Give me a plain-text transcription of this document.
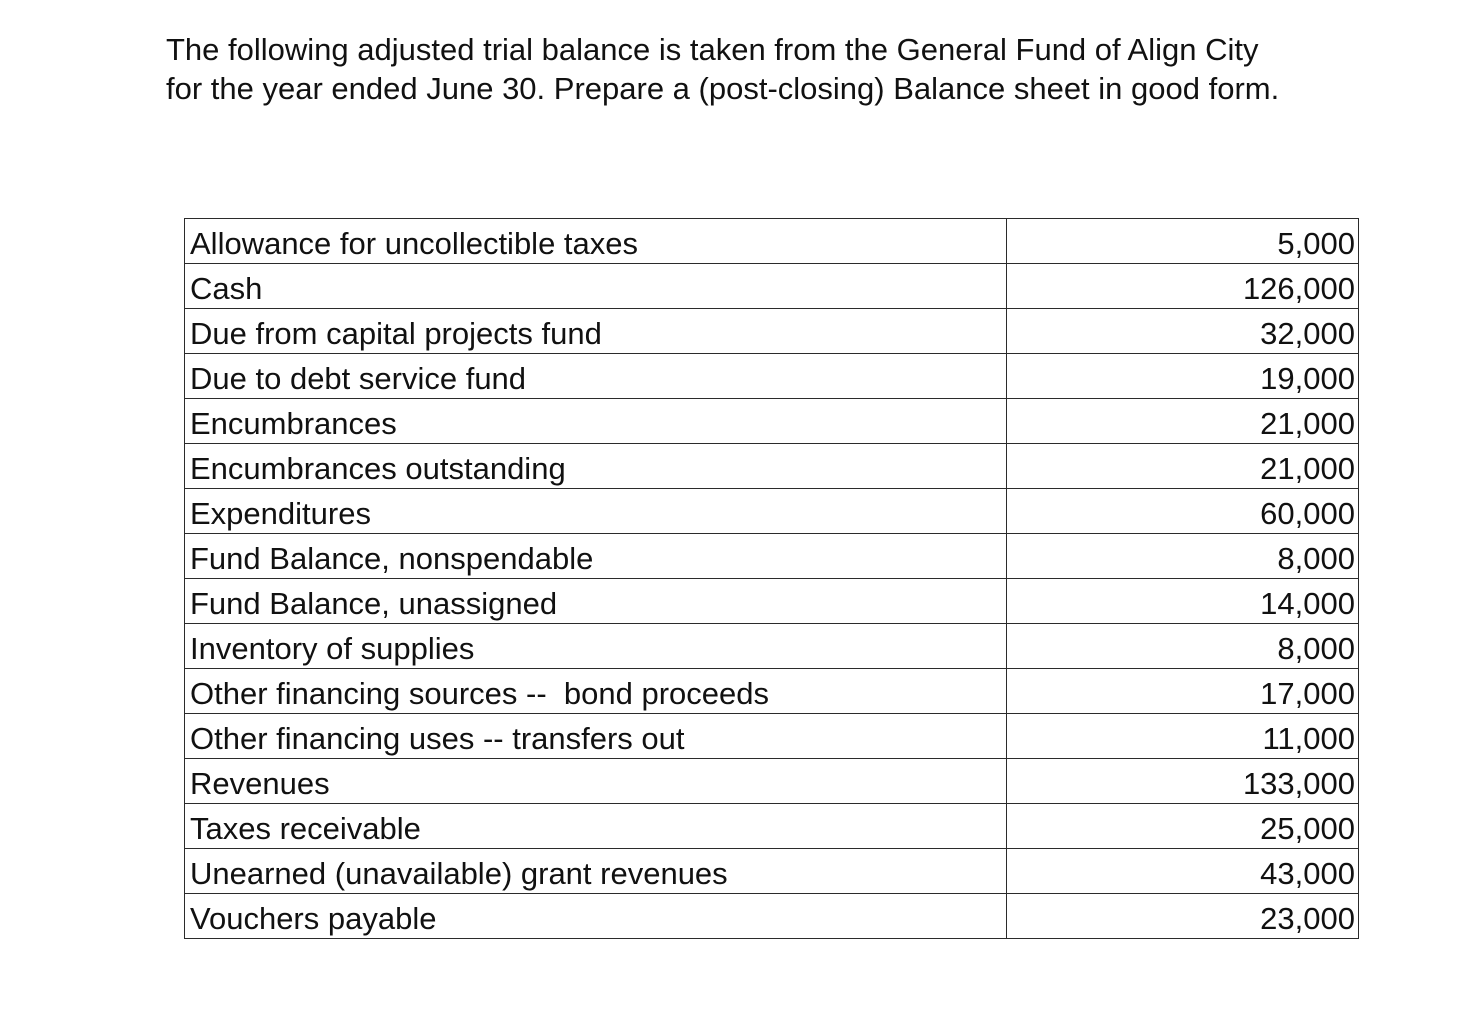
The following adjusted trial balance is taken from the General Fund of Align City

for the year ended June 30. Prepare a (post-closing) Balance sheet in good form.

Allowance for uncollectible taxes	5,000
Cash	126,000
Due from capital projects fund	32,000
Due to debt service fund	19,000
Encumbrances	21,000
Encumbrances outstanding	21,000
Expenditures	60,000
Fund Balance, nonspendable	8,000
Fund Balance, unassigned	14,000
Inventory of supplies	8,000
Other financing sources --  bond proceeds	17,000
Other financing uses -- transfers out	11,000
Revenues	133,000
Taxes receivable	25,000
Unearned (unavailable) grant revenues	43,000
Vouchers payable	23,000
